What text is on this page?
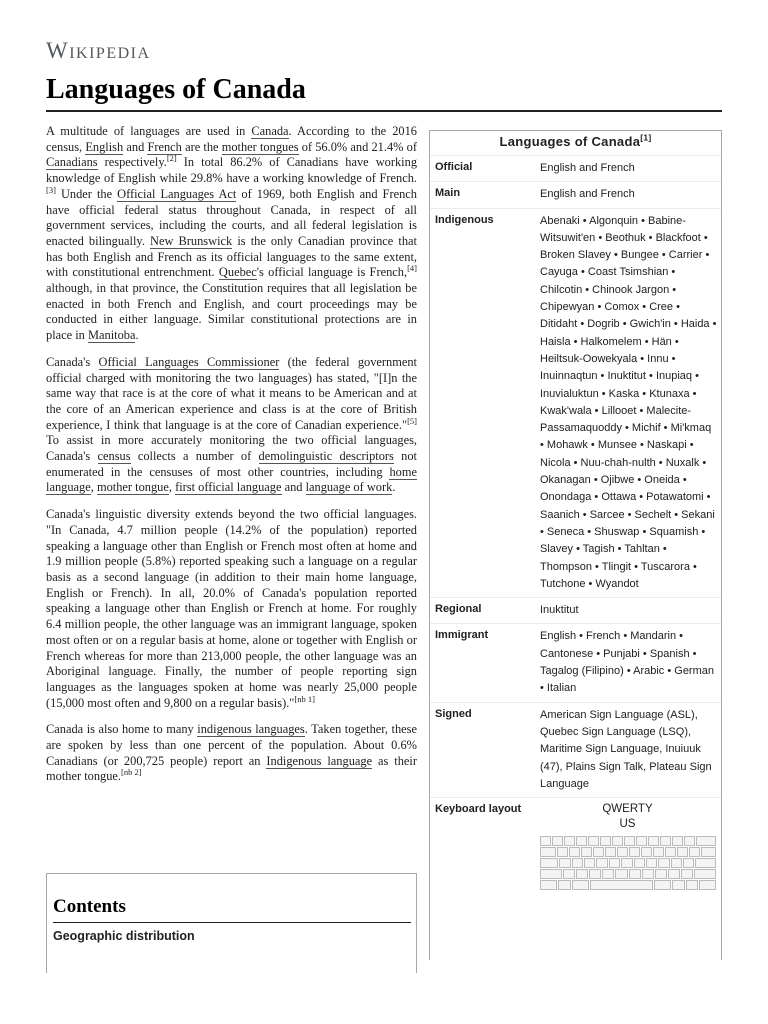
Wikipedia
Languages of Canada

A multitude of languages are used in Canada. According to the 2016 census, English and French are the mother tongues of 56.0% and 21.4% of Canadians respectively.[2] In total 86.2% of Canadians have working knowledge of English while 29.8% have a working knowledge of French.[3] Under the Official Languages Act of 1969, both English and French have official federal status throughout Canada, in respect of all government services, including the courts, and all federal legislation is enacted bilingually. New Brunswick is the only Canadian province that has both English and French as its official languages to the same extent, with constitutional entrenchment. Quebec's official language is French,[4] although, in that province, the Constitution requires that all legislation be enacted in both French and English, and court proceedings may be conducted in either language. Similar constitutional protections are in place in Manitoba.

Canada's Official Languages Commissioner (the federal government official charged with monitoring the two languages) has stated, "[I]n the same way that race is at the core of what it means to be American and at the core of an American experience and class is at the core of British experience, I think that language is at the core of Canadian experience."[5] To assist in more accurately monitoring the two official languages, Canada's census collects a number of demolinguistic descriptors not enumerated in the censuses of most other countries, including home language, mother tongue, first official language and language of work.

Canada's linguistic diversity extends beyond the two official languages. "In Canada, 4.7 million people (14.2% of the population) reported speaking a language other than English or French most often at home and 1.9 million people (5.8%) reported speaking such a language on a regular basis as a second language (in addition to their main home language, English or French). In all, 20.0% of Canada's population reported speaking a language other than English or French at home. For roughly 6.4 million people, the other language was an immigrant language, spoken most often or on a regular basis at home, alone or together with English or French whereas for more than 213,000 people, the other language was an Aboriginal language. Finally, the number of people reporting sign languages as the languages spoken at home was nearly 25,000 people (15,000 most often and 9,800 on a regular basis)."[nb 1]

Canada is also home to many indigenous languages. Taken together, these are spoken by less than one percent of the population. About 0.6% Canadians (or 200,725 people) report an Indigenous language as their mother tongue.[nb 2]

Contents
Geographic distribution
Languages of Canada[1]
Official	English and French
Main	English and French
Indigenous	Abenaki • Algonquin • Babine-Witsuwit'en • Beothuk • Blackfoot • Broken Slavey • Bungee • Carrier • Cayuga • Coast Tsimshian • Chilcotin • Chinook Jargon • Chipewyan • Comox • Cree • Ditidaht • Dogrib • Gwich'in • Haida • Haisla • Halkomelem • Hän • Heiltsuk-Oowekyala • Innu • Inuinnaqtun • Inuktitut • Inupiaq • Inuvialuktun • Kaska • Ktunaxa • Kwak'wala • Lillooet • Malecite-Passamaquoddy • Michif • Mi'kmaq • Mohawk • Munsee • Naskapi • Nicola • Nuu-chah-nulth • Nuxalk • Okanagan • Ojibwe • Oneida • Onondaga • Ottawa • Potawatomi • Saanich • Sarcee • Sechelt • Sekani • Seneca • Shuswap • Squamish • Slavey • Tagish • Tahltan • Thompson • Tlingit • Tuscarora • Tutchone • Wyandot
Regional	Inuktitut
Immigrant	English • French • Mandarin • Cantonese • Punjabi • Spanish • Tagalog (Filipino) • Arabic • German • Italian
Signed	American Sign Language (ASL), Quebec Sign Language (LSQ), Maritime Sign Language, Inuiuuk (47), Plains Sign Talk, Plateau Sign Language
Keyboard layout	QWERTY
US
